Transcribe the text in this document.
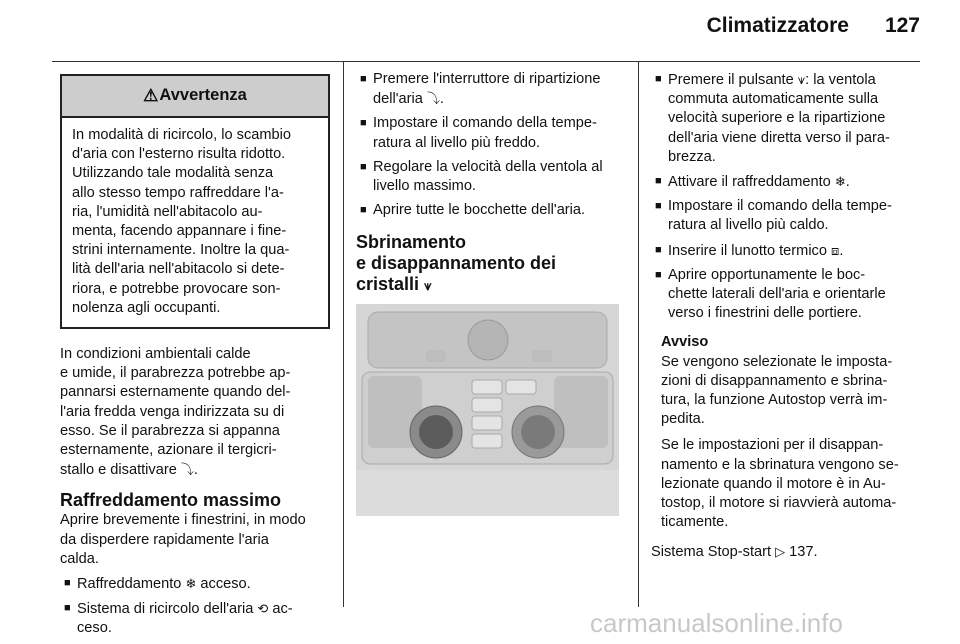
Climatizzatore 127
⚠ Avvertenza
In modalità di ricircolo, lo scambio
d'aria con l'esterno risulta ridotto.
Utilizzando tale modalità senza
allo stesso tempo raffreddare l'a-
ria, l'umidità nell'abitacolo au-
menta, facendo appannare i fine-
strini internamente. Inoltre la qua-
lità dell'aria nell'abitacolo si dete-
riora, e potrebbe provocare son-
nolenza agli occupanti.
In condizioni ambientali calde
e umide, il parabrezza potrebbe ap-
pannarsi esternamente quando del-
l'aria fredda venga indirizzata su di
esso. Se il parabrezza si appanna
esternamente, azionare il tergicri-
stallo e disattivare ⤵.
Raffreddamento massimo
Aprire brevemente i finestrini, in modo
da disperdere rapidamente l'aria
calda.
■ Raffreddamento ❄ acceso.
■ Sistema di ricircolo dell'aria ⟲ ac-
ceso.
■ Premere l'interruttore di ripartizione
dell'aria ⤵.
■ Impostare il comando della tempe-
ratura al livello più freddo.
■ Regolare la velocità della ventola al
livello massimo.
■ Aprire tutte le bocchette dell'aria.
Sbrinamento
e disappannamento dei
cristalli ⩛
■ Premere il pulsante ⩛: la ventola
commuta automaticamente sulla
velocità superiore e la ripartizione
dell'aria viene diretta verso il para-
brezza.
■ Attivare il raffreddamento ❄.
■ Impostare il comando della tempe-
ratura al livello più caldo.
■ Inserire il lunotto termico ⧈.
■ Aprire opportunamente le boc-
chette laterali dell'aria e orientarle
verso i finestrini delle portiere.
Avviso
Se vengono selezionate le imposta-
zioni di disappannamento e sbrina-
tura, la funzione Autostop verrà im-
pedita.
Se le impostazioni per il disappan-
namento e la sbrinatura vengono se-
lezionate quando il motore è in Au-
tostop, il motore si riavvierà automa-
ticamente.
Sistema Stop-start ▷ 137.
carmanualsonline.info
